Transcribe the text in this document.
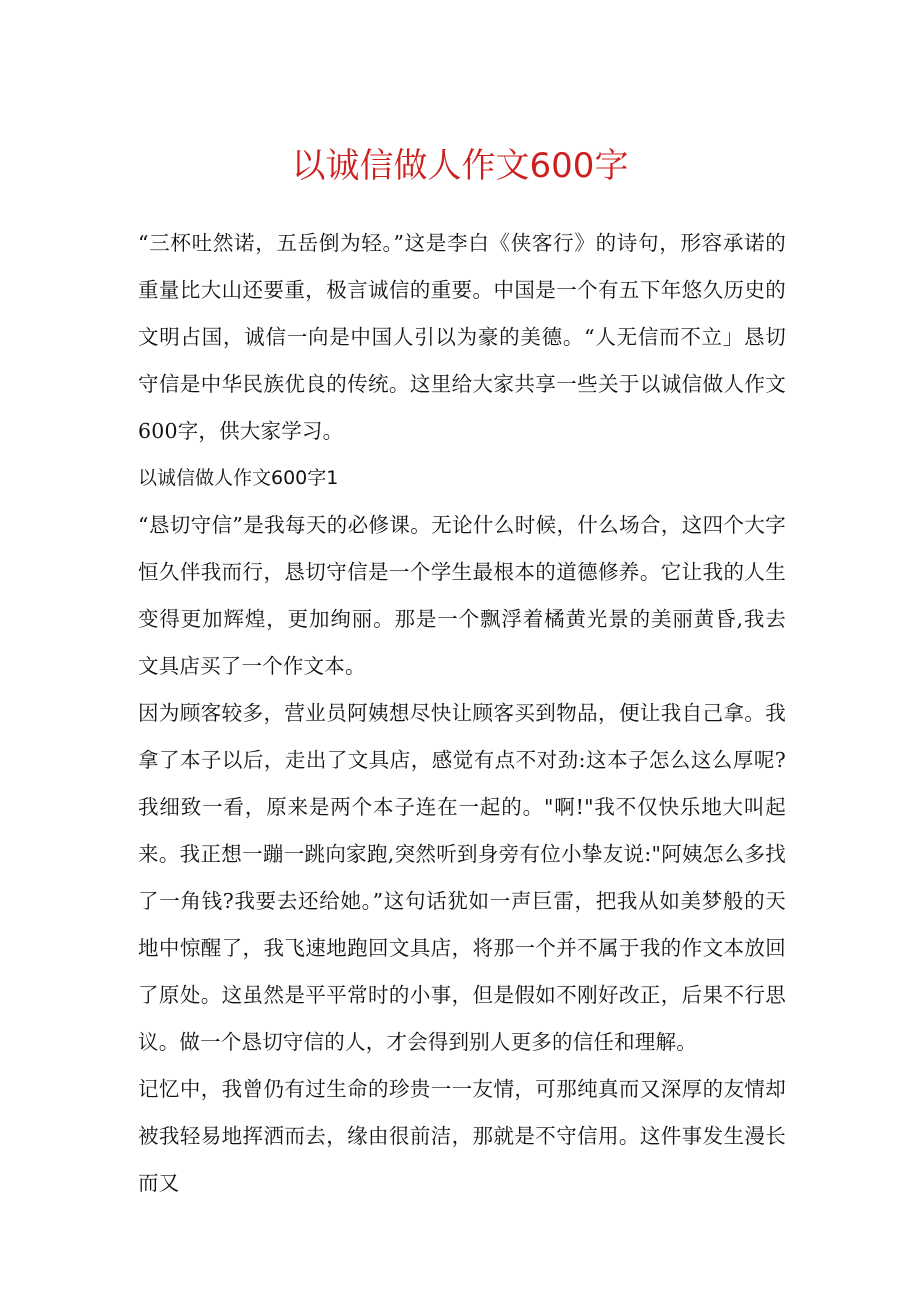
以诚信做人作文600字

“三杯吐然诺，五岳倒为轻。”这是李白《侠客行》的诗句，形容承诺的重量比大山还要重，极言诚信的重要。中国是一个有五下年悠久历史的文明占国，诚信一向是中国人引以为豪的美德。“人无信而不立」恳切守信是中华民族优良的传统。这里给大家共享一些关于以诚信做人作文600字，供大家学习。

以诚信做人作文600字1

“恳切守信”是我每天的必修课。无论什么时候，什么场合，这四个大字恒久伴我而行，恳切守信是一个学生最根本的道德修养。它让我的人生变得更加辉煌，更加绚丽。那是一个飘浮着橘黄光景的美丽黄昏,我去文具店买了一个作文本。

因为顾客较多，营业员阿姨想尽快让顾客买到物品，便让我自己拿。我拿了本子以后，走出了文具店，感觉有点不对劲:这本子怎么这么厚呢?我细致一看，原来是两个本子连在一起的。"啊!"我不仅快乐地大叫起来。我正想一蹦一跳向家跑,突然听到身旁有位小挚友说:"阿姨怎么多找了一角钱?我要去还给她。”这句话犹如一声巨雷，把我从如美梦般的天地中惊醒了，我飞速地跑回文具店，将那一个并不属于我的作文本放回了原处。这虽然是平平常时的小事，但是假如不刚好改正，后果不行思议。做一个恳切守信的人，才会得到别人更多的信任和理解。

记忆中，我曾仍有过生命的珍贵一一友情，可那纯真而又深厚的友情却被我轻易地挥洒而去，缘由很前洁，那就是不守信用。这件事发生漫长而又
